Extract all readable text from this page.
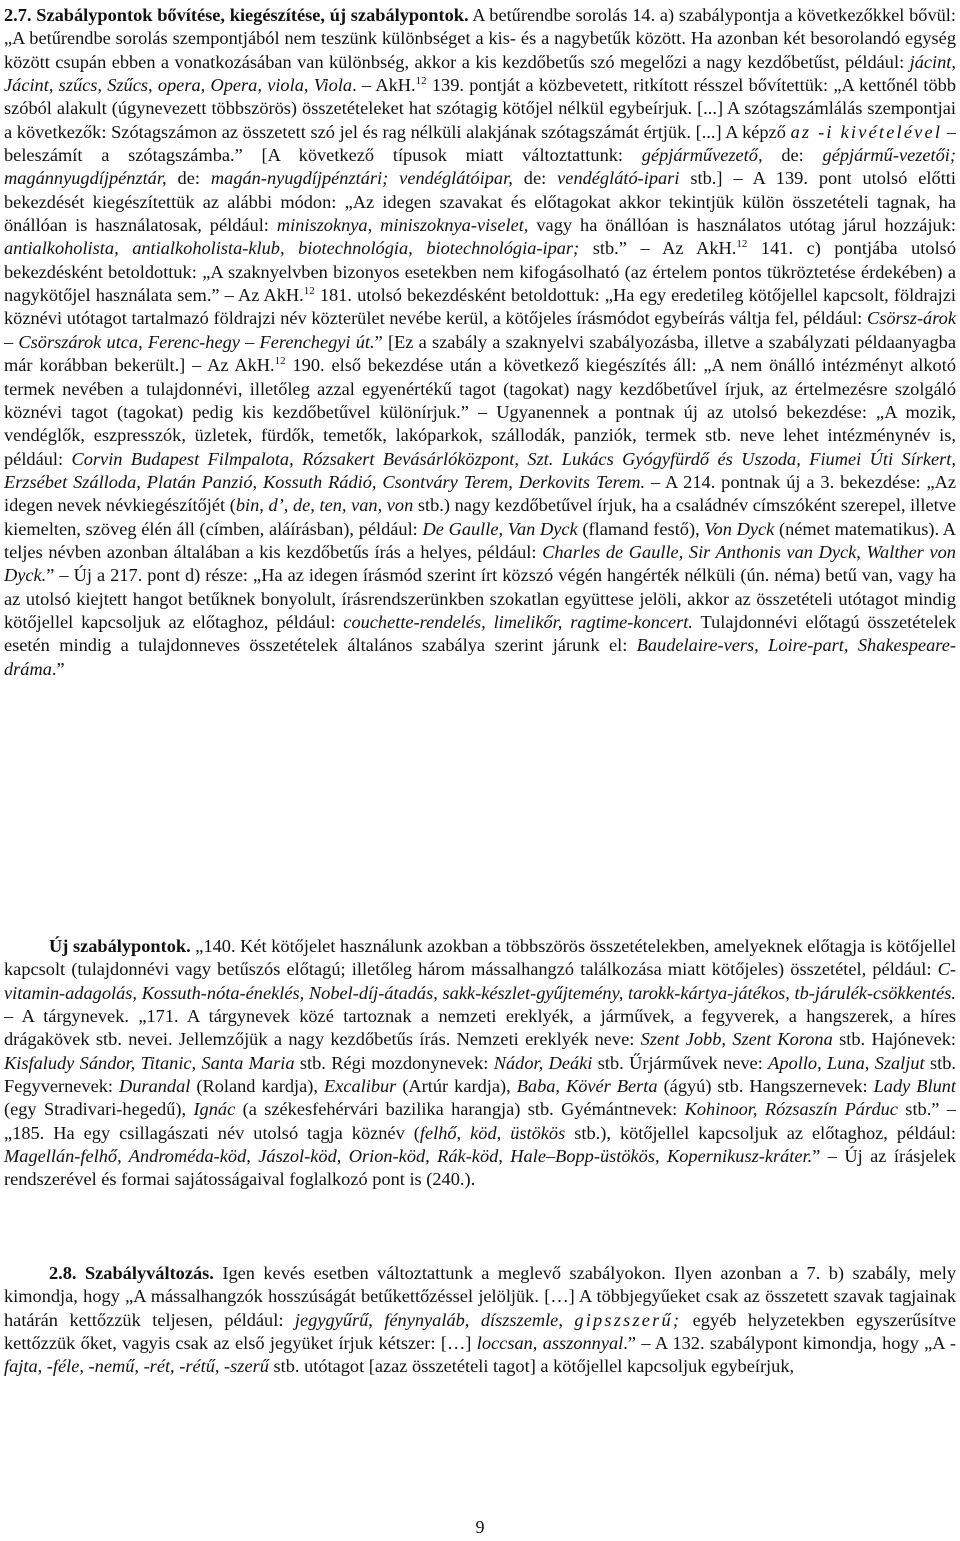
2.7. Szabálypontok bővítése, kiegészítése, új szabálypontok. A betűrendbe sorolás 14. a) szabálypontja a következőkkel bővül: „A betűrendbe sorolás szempontjából nem teszünk különbséget a kis- és a nagybetűk között. Ha azonban két besorolandó egység között csupán ebben a vonatkozásában van különbség, akkor a kis kezdőbetűs szó megelőzi a nagy kezdőbetűst, például: jácint, Jácint, szűcs, Szűcs, opera, Opera, viola, Viola. – AkH.$^{12}$ 139. pontját a közbevetett, ritkított résszel bővítettük: „A kettőnél több szóból alakult (úgynevezett többszörös) összetételeket hat szótagig kötőjel nélkül egybeírjuk. [...] A szótagszámlálás szempontjai a következők: Szótagszámon az összetett szó jel és rag nélküli alakjának szótagszámát értjük. [...] A képző az -i kivételével – beleszámít a szótagszámba.” [A következő típusok miatt változtattunk: gépjárművezető, de: gépjármű-vezetői; magánnyugdíjpénztár, de: magán-nyugdíjpénztári; vendéglátóipar, de: vendéglátó-ipari stb.] – A 139. pont utolsó előtti bekezdését kiegészítettük az alábbi módon: „Az idegen szavakat és előtagokat akkor tekintjük külön összetételi tagnak, ha önállóan is használatosak, például: miniszoknya, miniszoknya-viselet, vagy ha önállóan is használatos utótag járul hozzájuk: antialkoholista, antialkoholista-klub, biotechnológia, biotechnológia-ipar; stb.” – Az AkH.$^{12}$ 141. c) pontjába utolsó bekezdésként betoldottuk: „A szaknyelvben bizonyos esetekben nem kifogásolható (az értelem pontos tükröztetése érdekében) a nagykötőjel használata sem.” – Az AkH.$^{12}$ 181. utolsó bekezdésként betoldottuk: „Ha egy eredetileg kötőjellel kapcsolt, földrajzi köznévi utótagot tartalmazó földrajzi név közterület nevébe kerül, a kötőjeles írásmódot egybeírás váltja fel, például: Csörsz-árok – Csörszárok utca, Ferenc-hegy – Ferenchegyi út.” [Ez a szabály a szaknyelvi szabályozásba, illetve a szabályzati példaanyagba már korábban bekerült.] – Az AkH.$^{12}$ 190. első bekezdése után a következő kiegészítés áll: „A nem önálló intézményt alkotó termek nevében a tulajdonnévi, illetőleg azzal egyenértékű tagot (tagokat) nagy kezdőbetűvel írjuk, az értelmezésre szolgáló köznévi tagot (tagokat) pedig kis kezdőbetűvel különírjuk.” – Ugyanennek a pontnak új az utolsó bekezdése: „A mozik, vendéglők, eszpresszók, üzletek, fürdők, temetők, lakóparkok, szállodák, panziók, termek stb. neve lehet intézménynév is, például: Corvin Budapest Filmpalota, Rózsakert Bevásárlóközpont, Szt. Lukács Gyógyfürdő és Uszoda, Fiumei Úti Sírkert, Erzsébet Szálloda, Platán Panzió, Kossuth Rádió, Csontváry Terem, Derkovits Terem. – A 214. pontnak új a 3. bekezdése: „Az idegen nevek névkiegészítőjét (bin, d’, de, ten, van, von stb.) nagy kezdőbetűvel írjuk, ha a családnév címszóként szerepel, illetve kiemelten, szöveg élén áll (címben, aláírásban), például: De Gaulle, Van Dyck (flamand festő), Von Dyck (német matematikus). A teljes névben azonban általában a kis kezdőbetűs írás a helyes, például: Charles de Gaulle, Sir Anthonis van Dyck, Walther von Dyck.” – Új a 217. pont d) része: „Ha az idegen írásmód szerint írt közszó végén hangérték nélküli (ún. néma) betű van, vagy ha az utolsó kiejtett hangot betűknek bonyolult, írásrendszerünkben szokatlan együttese jelöli, akkor az összetételi utótagot mindig kötőjellel kapcsoljuk az előtaghoz, például: couchette-rendelés, limelikőr, ragtime-koncert. Tulajdonnévi előtagú összetételek esetén mindig a tulajdonneves összetételek általános szabálya szerint járunk el: Baudelaire-vers, Loire-part, Shakespeare-dráma.”

Új szabálypontok. „140. Két kötőjelet használunk azokban a többszörös összetételekben, amelyeknek előtagja is kötőjellel kapcsolt (tulajdonnévi vagy betűszós előtagú; illetőleg három mássalhangzó találkozása miatt kötőjeles) összetétel, például: C-vitamin-adagolás, Kossuth-nóta-éneklés, Nobel-díj-átadás, sakk-készlet-gyűjtemény, tarokk-kártya-játékos, tb-járulék-csökkentés. – A tárgynevek. „171. A tárgynevek közé tartoznak a nemzeti ereklyék, a járművek, a fegyverek, a hangszerek, a híres drágakövek stb. nevei. Jellemzőjük a nagy kezdőbetűs írás. Nemzeti ereklyék neve: Szent Jobb, Szent Korona stb. Hajónevek: Kisfaludy Sándor, Titanic, Santa Maria stb. Régi mozdonynevek: Nádor, Deáki stb. Űrjárművek neve: Apollo, Luna, Szaljut stb. Fegyvernevek: Durandal (Roland kardja), Excalibur (Artúr kardja), Baba, Kövér Berta (ágyú) stb. Hangszernevek: Lady Blunt (egy Stradivari-hegedű), Ignác (a székesfehérvári bazilika harangja) stb. Gyémántnevek: Kohinoor, Rózsaszín Párduc stb.” – „185. Ha egy csillagászati név utolsó tagja köznév (felhő, köd, üstökös stb.), kötőjellel kapcsoljuk az előtaghoz, például: Magellán-felhő, Andromédа-köd, Jászol-köd, Orion-köd, Rák-köd, Hale–Bopp-üstökös, Kopernikusz-kráter.” – Új az írásjelek rendszerével és formai sajátosságaival foglalkozó pont is (240.).

2.8. Szabályváltozás. Igen kevés esetben változtattunk a meglevő szabályokon. Ilyen azonban a 7. b) szabály, mely kimondja, hogy „A mássalhangzók hosszúságát betűkettőzéssel jelöljük. […] A többjegyűeket csak az összetett szavak tagjainak határán kettőzzük teljesen, például: jegygyűrű, fénynyaláb, díszszemle, gipszszerű; egyéb helyzetekben egyszerűsítve kettőzzük őket, vagyis csak az első jegyüket írjuk kétszer: […] loccsan, asszonnyal.” – A 132. szabálypont kimondja, hogy „A -fajta, -féle, -nemű, -rét, -rétű, -szerű stb. utótagot [azaz összetételi tagot] a kötőjellel kapcsoljuk egybeírjuk,

9
